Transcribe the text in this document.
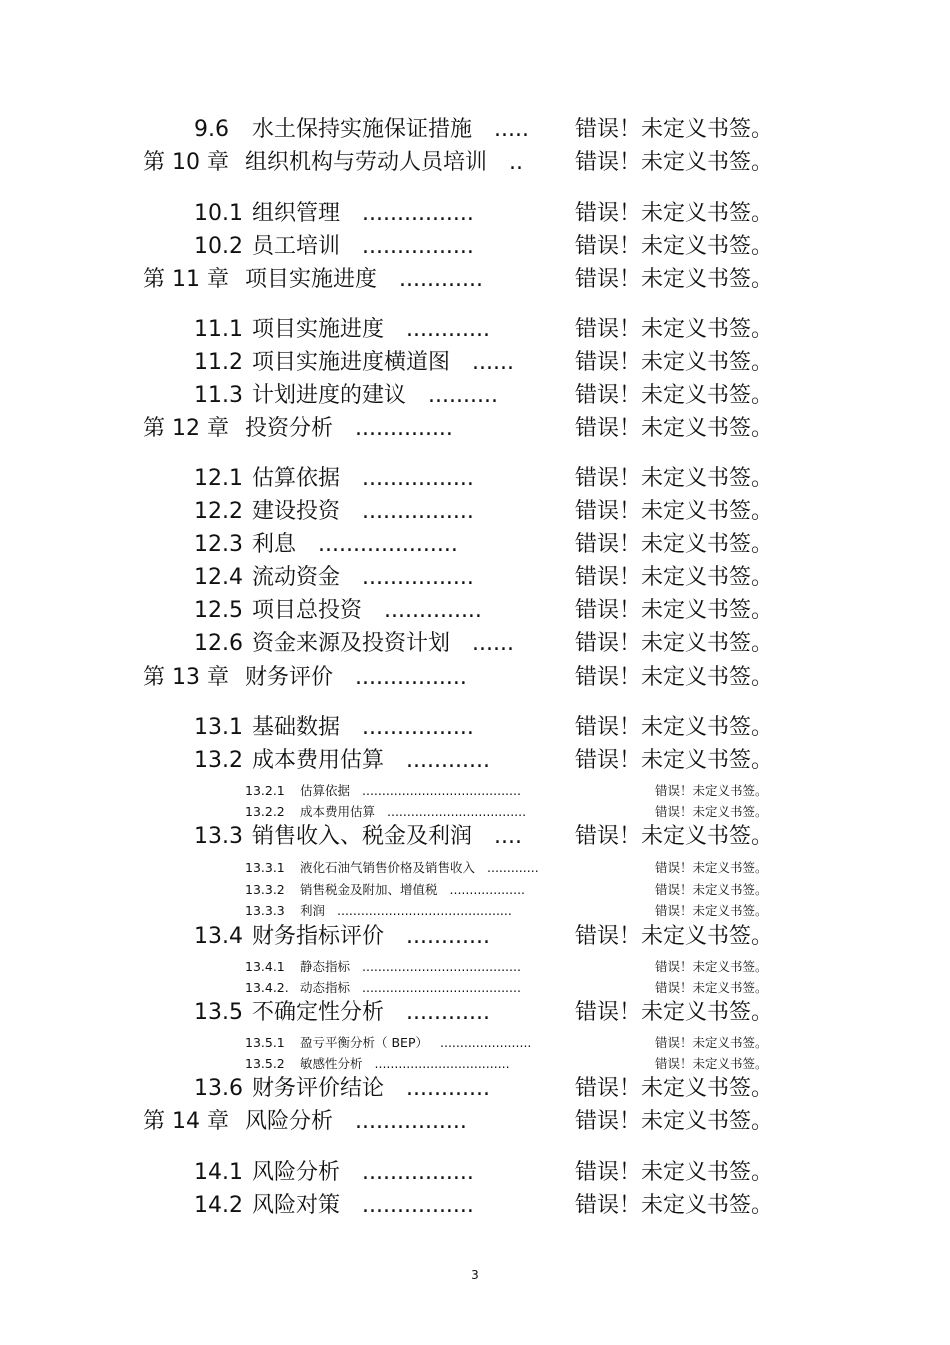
9.6 水土保持实施保证措施 ..... 错误！未定义书签。
第 10 章 组织机构与劳动人员培训 .. 错误！未定义书签。
10.1 组织管理 ................	错误！未定义书签。
10.2 员工培训 ................	错误！未定义书签。
第 11 章 项目实施进度 ............	错误！未定义书签。
11.1 项目实施进度 ............	错误！未定义书签。
11.2 项目实施进度横道图 ......	错误！未定义书签。
11.3 计划进度的建议 ..........	错误！未定义书签。
第 12 章 投资分析 ..............	错误！未定义书签。
12.1 估算依据 ................	错误！未定义书签。
12.2 建设投资 ................	错误！未定义书签。
12.3 利息 ....................	错误！未定义书签。
12.4 流动资金 ................	错误！未定义书签。
12.5 项目总投资 ..............	错误！未定义书签。
12.6 资金来源及投资计划 ......	错误！未定义书签。
第 13 章 财务评价 ................	错误！未定义书签。
13.1 基础数据 ................	错误！未定义书签。
13.2 成本费用估算 ............	错误！未定义书签。
13.2.1 估算依据 ........................................	错误！未定义书签。
13.2.2 成本费用估算 ...................................	错误！未定义书签。
13.3 销售收入、税金及利润 .... 错误！未定义书签。
13.3.1 液化石油气销售价格及销售收入 .............	错误！未定义书签。
13.3.2 销售税金及附加、增值税 ...................	错误！未定义书签。
13.3.3 利润 ............................................	错误！未定义书签。
13.4 财务指标评价 ............	错误！未定义书签。
13.4.1 静态指标 ........................................	错误！未定义书签。
13.4.2. 动态指标 ........................................	错误！未定义书签。
13.5 不确定性分析 ............	错误！未定义书签。
13.5.1 盈亏平衡分析（ BEP） .......................	错误！未定义书签。
13.5.2 敏感性分析 ..................................	错误！未定义书签。
13.6 财务评价结论 ............	错误！未定义书签。
第 14 章 风险分析 ................	错误！未定义书签。
14.1 风险分析 ................	错误！未定义书签。
14.2 风险对策 ................	错误！未定义书签。
3
